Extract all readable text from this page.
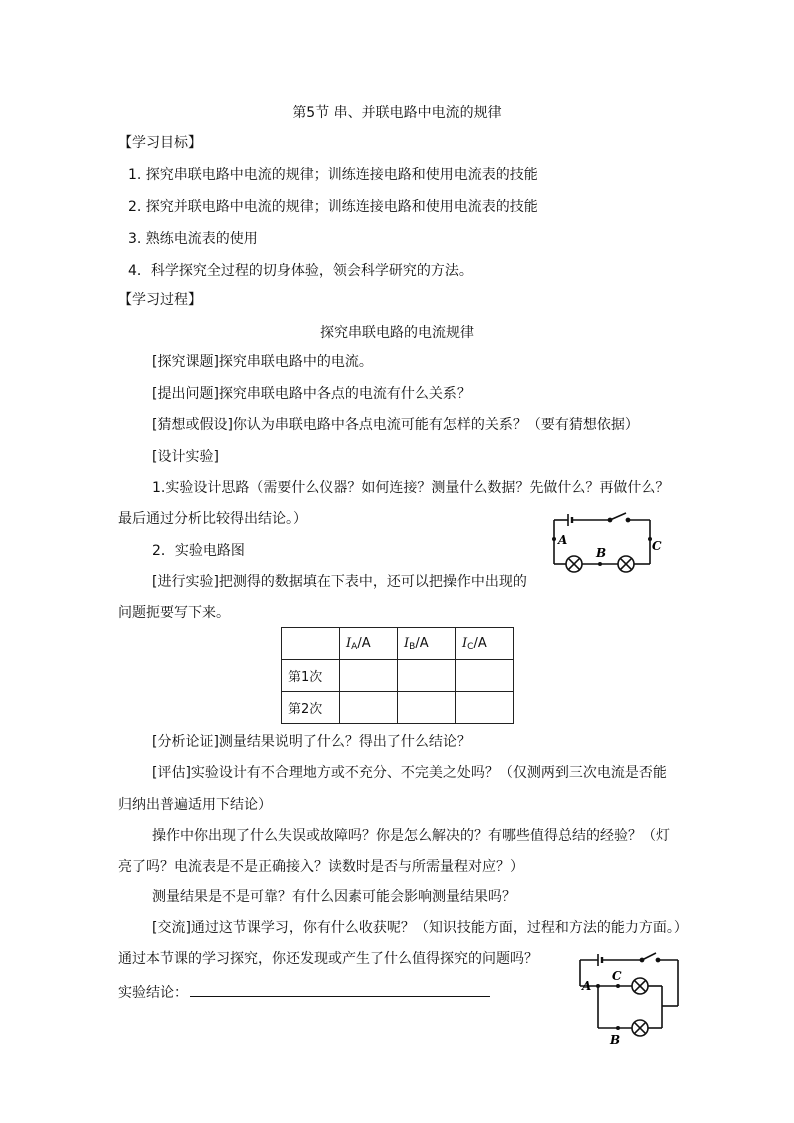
第5节 串、并联电路中电流的规律
【学习目标】
1. 探究串联电路中电流的规律；训练连接电路和使用电流表的技能
2. 探究并联电路中电流的规律；训练连接电路和使用电流表的技能
3. 熟练电流表的使用
4．科学探究全过程的切身体验，领会科学研究的方法。
【学习过程】
探究串联电路的电流规律
[探究课题]探究串联电路中的电流。
[提出问题]探究串联电路中各点的电流有什么关系？
[猜想或假设]你认为串联电路中各点电流可能有怎样的关系？（要有猜想依据）
[设计实验]
1.实验设计思路（需要什么仪器？如何连接？测量什么数据？先做什么？再做什么？
最后通过分析比较得出结论。）
2．实验电路图
[进行实验]把测得的数据填在下表中，还可以把操作中出现的
问题扼要写下来。
A
B	C
	$I_A/A$	$I_B/A$	$I_C/A$
第1次			
第2次			
[分析论证]测量结果说明了什么？得出了什么结论？
[评估]实验设计有不合理地方或不充分、不完美之处吗？（仅测两到三次电流是否能
归纳出普遍适用下结论）
操作中你出现了什么失误或故障吗？你是怎么解决的？有哪些值得总结的经验？（灯
亮了吗？电流表是不是正确接入？读数时是否与所需量程对应？）
测量结果是不是可靠？有什么因素可能会影响测量结果吗？
[交流]通过这节课学习，你有什么收获呢？（知识技能方面，过程和方法的能力方面。）
通过本节课的学习探究，你还发现或产生了什么值得探究的问题吗？
实验结论：	A
C
B
